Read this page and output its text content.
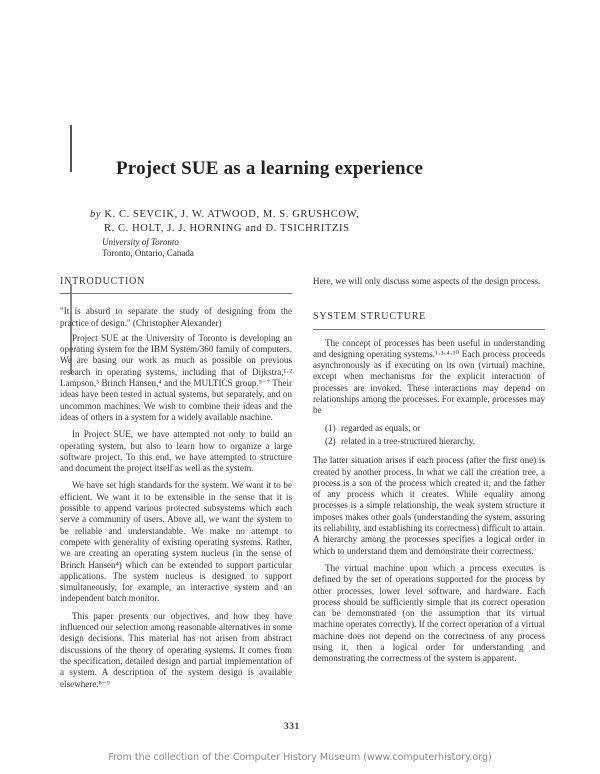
Project SUE as a learning experience
by K. C. SEVCIK, J. W. ATWOOD, M. S. GRUSHCOW,
R. C. HOLT, J. J. HORNING and D. TSICHRITZIS
University of Toronto
Toronto, Ontario, Canada
INTRODUCTION

"It is absurd to separate the study of designing from the practice of design." (Christopher Alexander)

Project SUE at the University of Toronto is developing an operating system for the IBM System/360 family of computers. We are basing our work as much as possible on previous research in operating systems, including that of Dijkstra,¹·² Lampson,³ Brinch Hansen,⁴ and the MULTICS group.⁵⁻⁷ Their ideas have been tested in actual systems, but separately, and on uncommon machines. We wish to combine their ideas and the ideas of others in a system for a widely available machine.

In Project SUE, we have attempted not only to build an operating system, but also to learn how to organize a large software project. To this end, we have attempted to structure and document the project itself as well as the system.

We have set high standards for the system. We want it to be efficient. We want it to be extensible in the sense that it is possible to append various protected subsystems which each serve a community of users. Above all, we want the system to be reliable and understandable. We make no attempt to compete with generality of existing operating systems. Rather, we are creating an operating system nucleus (in the sense of Brinch Hansen⁴) which can be extended to support particular applications. The system nucleus is designed to support simultaneously, for example, an interactive system and an independent batch monitor.

This paper presents our objectives, and how they have influenced our selection among reasonable alternatives in some design decisions. This material has not arisen from abstract discussions of the theory of operating systems. It comes from the specification, detailed design and partial implementation of a system. A description of the system design is available elsewhere.⁸⁻⁹

Here, we will only discuss some aspects of the design process.

SYSTEM STRUCTURE

The concept of processes has been useful in understanding and designing operating systems.¹·³·⁴·¹⁰ Each process proceeds asynchronously as if executing on its own (virtual) machine, except when mechanisms for the explicit interaction of processes are invoked. These interactions may depend on relationships among the processes. For example, processes may be

(1) regarded as equals, or
(2) related in a tree-structured hierarchy.

The latter situation arises if each process (after the first one) is created by another process. In what we call the creation tree, a process is a son of the process which created it, and the father of any process which it creates. While equality among processes is a simple relationship, the weak system structure it imposes makes other goals (understanding the system, assuring its reliability, and establishing its correctness) difficult to attain. A hierarchy among the processes specifies a logical order in which to understand them and demonstrate their correctness.

The virtual machine upon which a process executes is defined by the set of operations supported for the process by other processes, lower level software, and hardware. Each process should be sufficiently simple that its correct operation can be demonstrated (on the assumption that its virtual machine operates correctly). If the correct operation of a virtual machine does not depend on the correctness of any process using it, then a logical order for understanding and demonstrating the correctness of the system is apparent.

331
From the collection of the Computer History Museum (www.computerhistory.org)
